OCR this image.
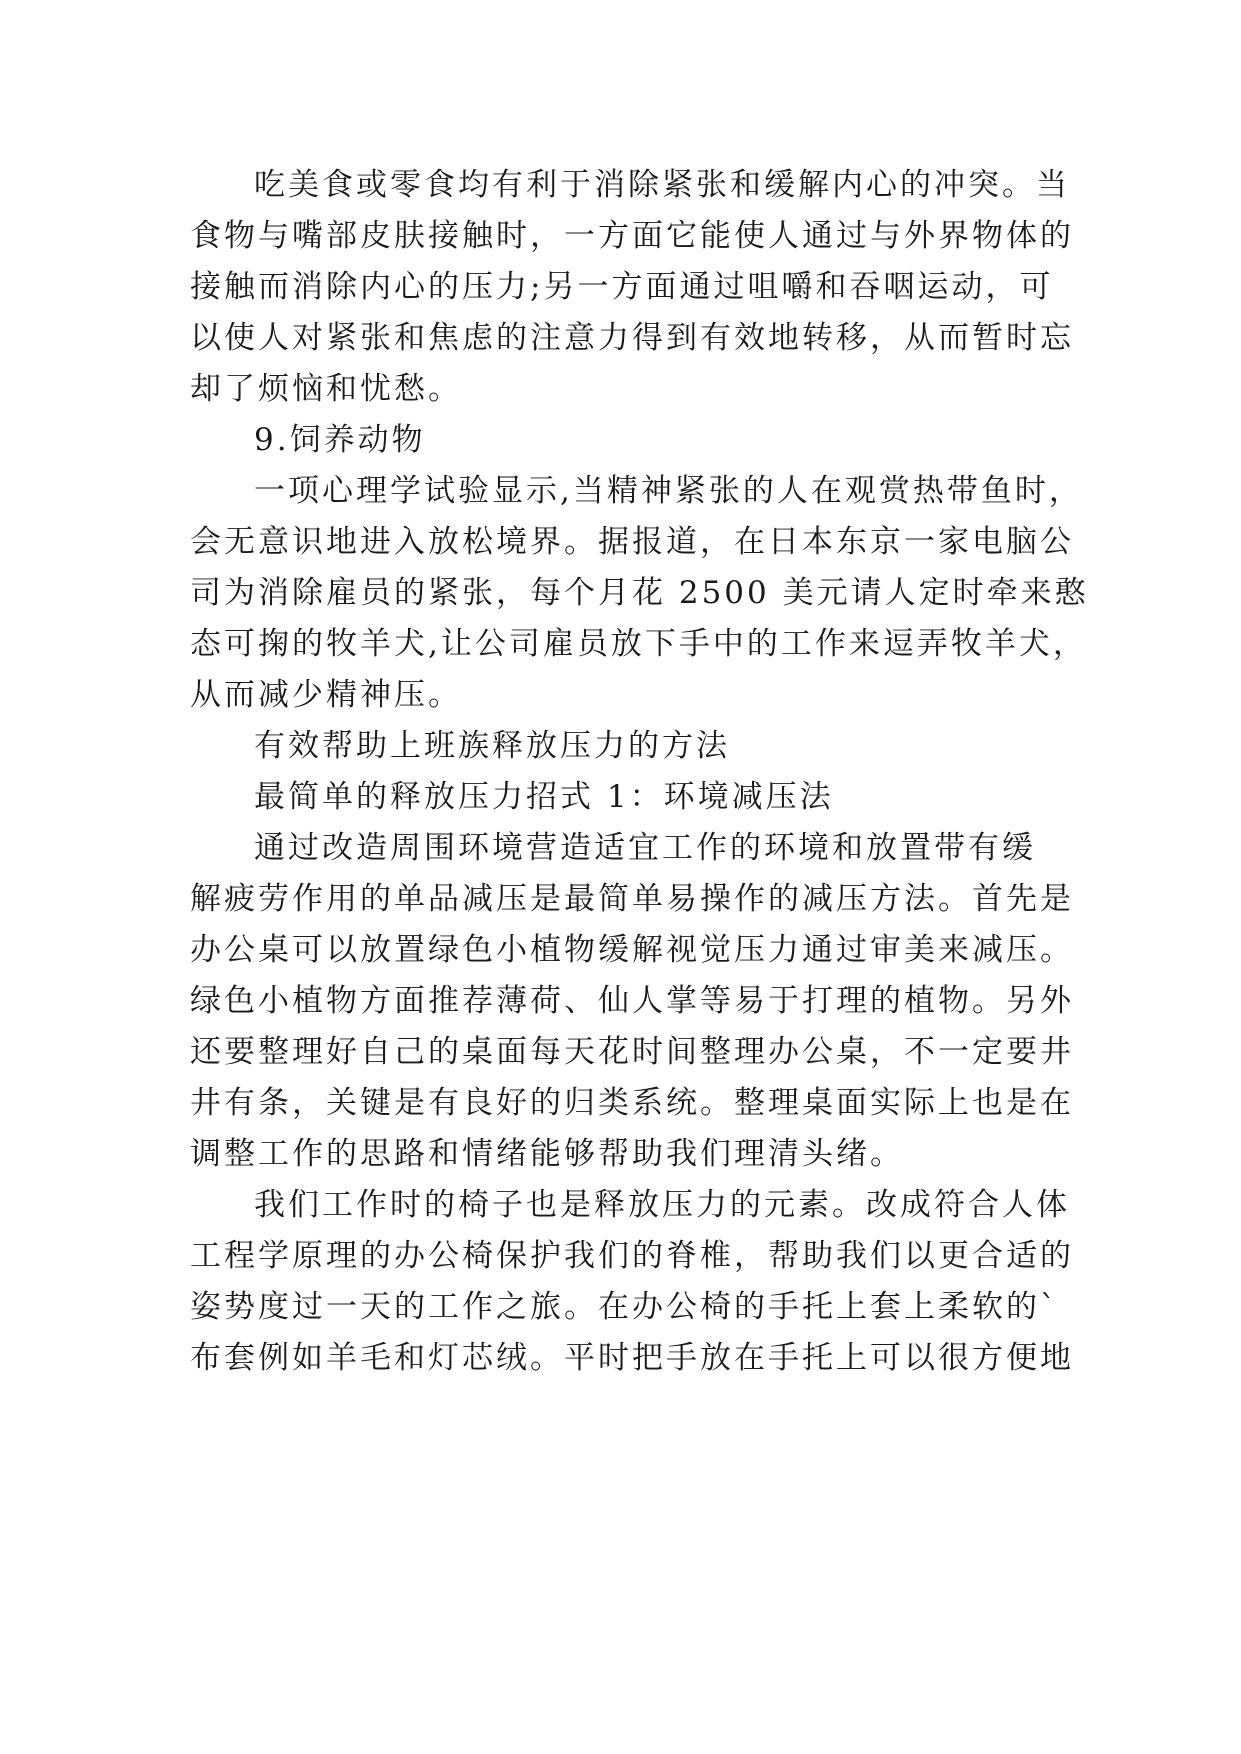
吃美食或零食均有利于消除紧张和缓解内心的冲突。当
食物与嘴部皮肤接触时，一方面它能使人通过与外界物体的
接触而消除内心的压力;另一方面通过咀嚼和吞咽运动，可
以使人对紧张和焦虑的注意力得到有效地转移，从而暂时忘
却了烦恼和忧愁。
9.饲养动物
一项心理学试验显示,当精神紧张的人在观赏热带鱼时，
会无意识地进入放松境界。据报道，在日本东京一家电脑公
司为消除雇员的紧张，每个月花 2500 美元请人定时牵来憨
态可掬的牧羊犬,让公司雇员放下手中的工作来逗弄牧羊犬，
从而减少精神压。
有效帮助上班族释放压力的方法
最简单的释放压力招式 1：环境减压法
通过改造周围环境营造适宜工作的环境和放置带有缓
解疲劳作用的单品减压是最简单易操作的减压方法。首先是
办公桌可以放置绿色小植物缓解视觉压力通过审美来减压。
绿色小植物方面推荐薄荷、仙人掌等易于打理的植物。另外
还要整理好自己的桌面每天花时间整理办公桌，不一定要井
井有条，关键是有良好的归类系统。整理桌面实际上也是在
调整工作的思路和情绪能够帮助我们理清头绪。
我们工作时的椅子也是释放压力的元素。改成符合人体
工程学原理的办公椅保护我们的脊椎，帮助我们以更合适的
姿势度过一天的工作之旅。在办公椅的手托上套上柔软的`
布套例如羊毛和灯芯绒。平时把手放在手托上可以很方便地
